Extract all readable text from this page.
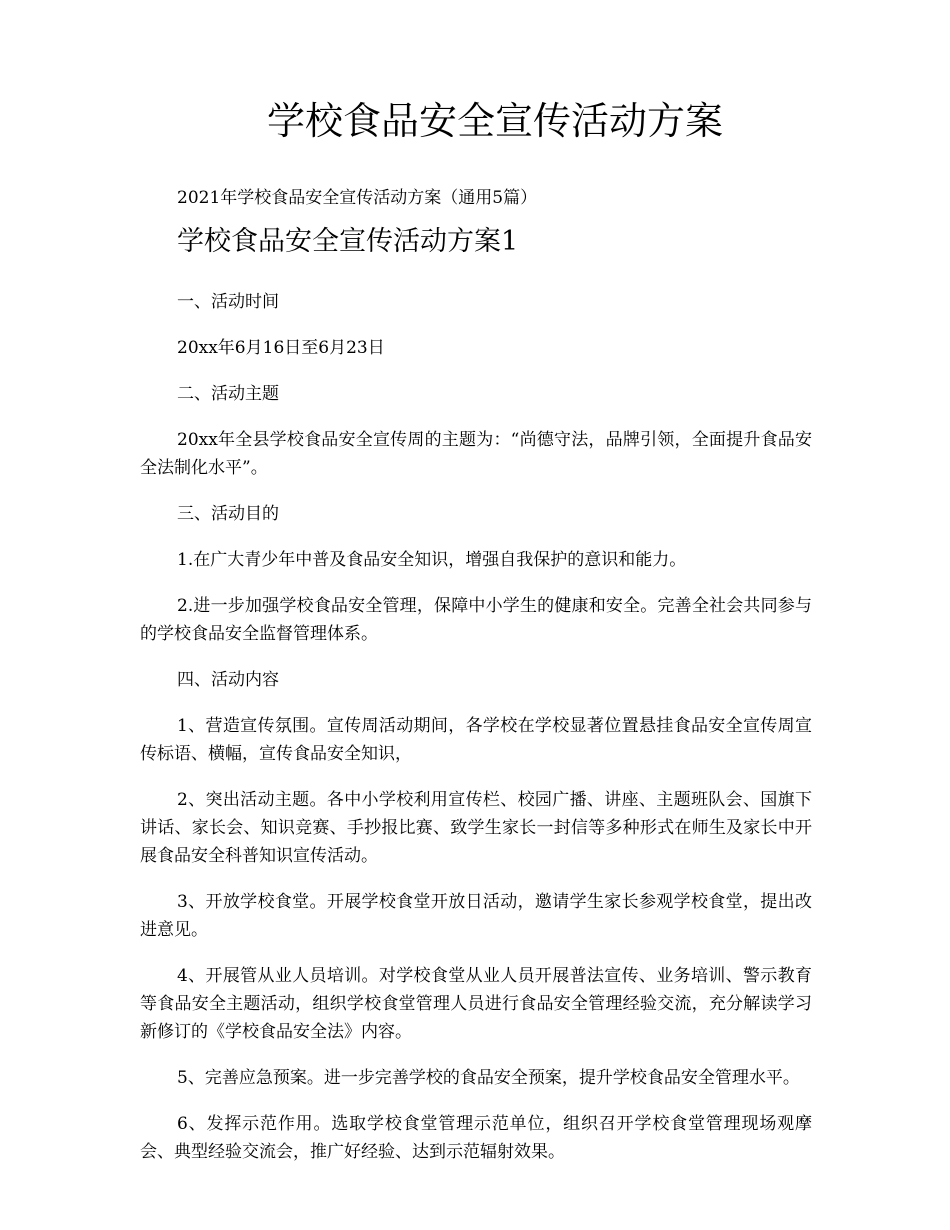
学校食品安全宣传活动方案

2021年学校食品安全宣传活动方案（通用5篇）

学校食品安全宣传活动方案1

一、活动时间

20xx年6月16日至6月23日

二、活动主题

20xx年全县学校食品安全宣传周的主题为：“尚德守法，品牌引领，全面提升食品安全法制化水平”。

三、活动目的

1.在广大青少年中普及食品安全知识，增强自我保护的意识和能力。

2.进一步加强学校食品安全管理，保障中小学生的健康和安全。完善全社会共同参与的学校食品安全监督管理体系。

四、活动内容

1、营造宣传氛围。宣传周活动期间，各学校在学校显著位置悬挂食品安全宣传周宣传标语、横幅，宣传食品安全知识，

2、突出活动主题。各中小学校利用宣传栏、校园广播、讲座、主题班队会、国旗下讲话、家长会、知识竞赛、手抄报比赛、致学生家长一封信等多种形式在师生及家长中开展食品安全科普知识宣传活动。

3、开放学校食堂。开展学校食堂开放日活动，邀请学生家长参观学校食堂，提出改进意见。

4、开展管从业人员培训。对学校食堂从业人员开展普法宣传、业务培训、警示教育等食品安全主题活动，组织学校食堂管理人员进行食品安全管理经验交流，充分解读学习新修订的《学校食品安全法》内容。

5、完善应急预案。进一步完善学校的食品安全预案，提升学校食品安全管理水平。

6、发挥示范作用。选取学校食堂管理示范单位，组织召开学校食堂管理现场观摩会、典型经验交流会，推广好经验、达到示范辐射效果。
